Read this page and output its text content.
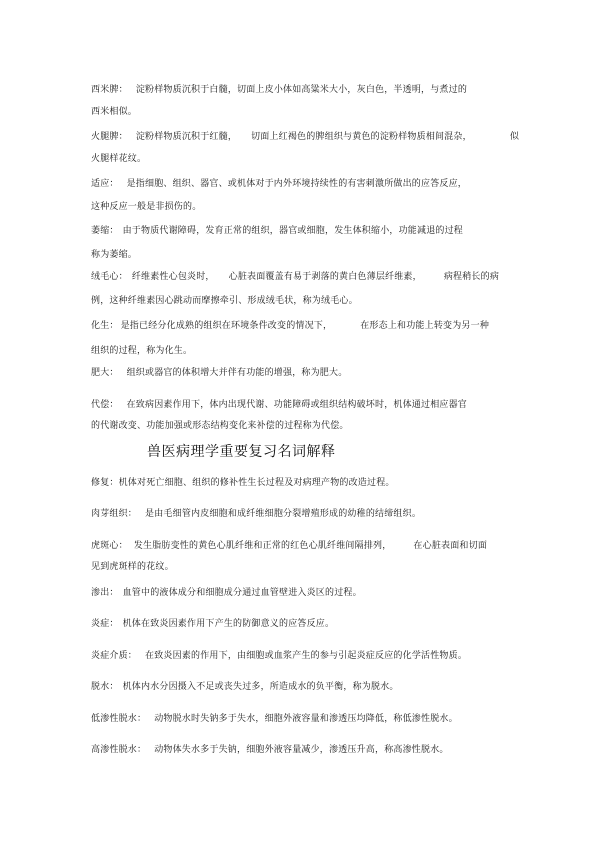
西米脾： 淀粉样物质沉积于白髓，切面上皮小体如高粱米大小，灰白色，半透明，与煮过的
西米相似。
火腿脾： 淀粉样物质沉积于红髓， 切面上红褐色的脾组织与黄色的淀粉样物质相间混杂，	似
火腿样花纹。
适应： 是指细胞、组织、器官、或机体对于内外环境持续性的有害刺激所做出的应答反应，
这种反应一般是非损伤的。
萎缩： 由于物质代谢障碍，发育正常的组织，器官或细胞，发生体积缩小，功能减退的过程
称为萎缩。
绒毛心： 纤维素性心包炎时， 心脏表面覆盖有易于剥落的黄白色薄层纤维素， 病程稍长的病
例，这种纤维素因心跳动而摩擦牵引、形成绒毛状，称为绒毛心。
化生： 是指已经分化成熟的组织在环境条件改变的情况下，	在形态上和功能上转变为另一种
组织的过程，称为化生。
肥大： 组织或器官的体积增大并伴有功能的增强，称为肥大。
代偿： 在致病因素作用下，体内出现代谢、功能障碍或组织结构破坏时，机体通过相应器官
的代谢改变、功能加强或形态结构变化来补偿的过程称为代偿。
兽医病理学重要复习名词解释
修复：机体对死亡细胞、组织的修补性生长过程及对病理产物的改造过程。
肉芽组织： 是由毛细管内皮细胞和成纤维细胞分裂增殖形成的幼稚的结缔组织。
虎斑心： 发生脂肪变性的黄色心肌纤维和正常的红色心肌纤维间隔排列， 在心脏表面和切面
见到虎斑样的花纹。
渗出： 血管中的液体成分和细胞成分通过血管壁进入炎区的过程。
炎症： 机体在致炎因素作用下产生的防御意义的应答反应。
炎症介质： 在致炎因素的作用下，由细胞或血浆产生的参与引起炎症反应的化学活性物质。
脱水： 机体内水分因摄入不足或丧失过多，所造成水的负平衡，称为脱水。
低渗性脱水： 动物脱水时失钠多于失水，细胞外液容量和渗透压均降低，称低渗性脱水。
高渗性脱水： 动物体失水多于失钠，细胞外液容量减少，渗透压升高，称高渗性脱水。
